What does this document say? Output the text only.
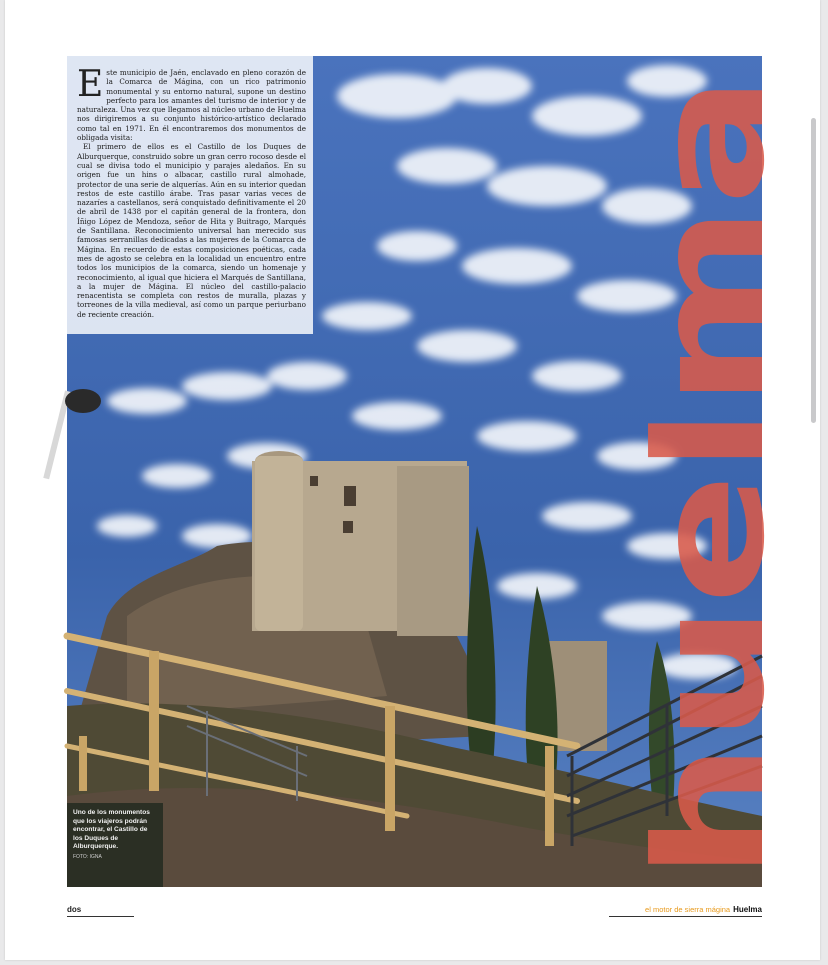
Este municipio de Jaén, enclavado en pleno corazón de la Comarca de Mágina, con un rico patrimonio monumental y su entorno natural, supone un destino perfecto para los amantes del turismo de interior y de naturaleza. Una vez que llegamos al núcleo urbano de Huelma nos dirigiremos a su conjunto histórico-artístico declarado como tal en 1971. En él encontraremos dos monumentos de obligada visita:

El primero de ellos es el Castillo de los Duques de Alburquerque, construido sobre un gran cerro rocoso desde el cual se divisa todo el municipio y parajes aledaños. En su origen fue un hins o albacar, castillo rural almohade, protector de una serie de alquerías. Aún en su interior quedan restos de este castillo árabe. Tras pasar varias veces de nazaríes a castellanos, será conquistado definitivamente el 20 de abril de 1438 por el capitán general de la frontera, don Íñigo López de Mendoza, señor de Hita y Buitrago, Marqués de Santillana. Reconocimiento universal han merecido sus famosas serranillas dedicadas a las mujeres de la Comarca de Mágina. En recuerdo de estas composiciones poéticas, cada mes de agosto se celebra en la localidad un encuentro entre todos los municipios de la comarca, siendo un homenaje y reconocimiento, al igual que hiciera el Marqués de Santillana, a la mujer de Mágina. El núcleo del castillo-palacio renacentista se completa con restos de muralla, plazas y torreones de la villa medieval, así como un parque periurbano de reciente creación.	huelma
Uno de los monumentos que los viajeros podrán encontrar, el Castillo de los Duques de Alburquerque.
FOTO: IGNA
dos	el motor de sierra mágina Huelma
